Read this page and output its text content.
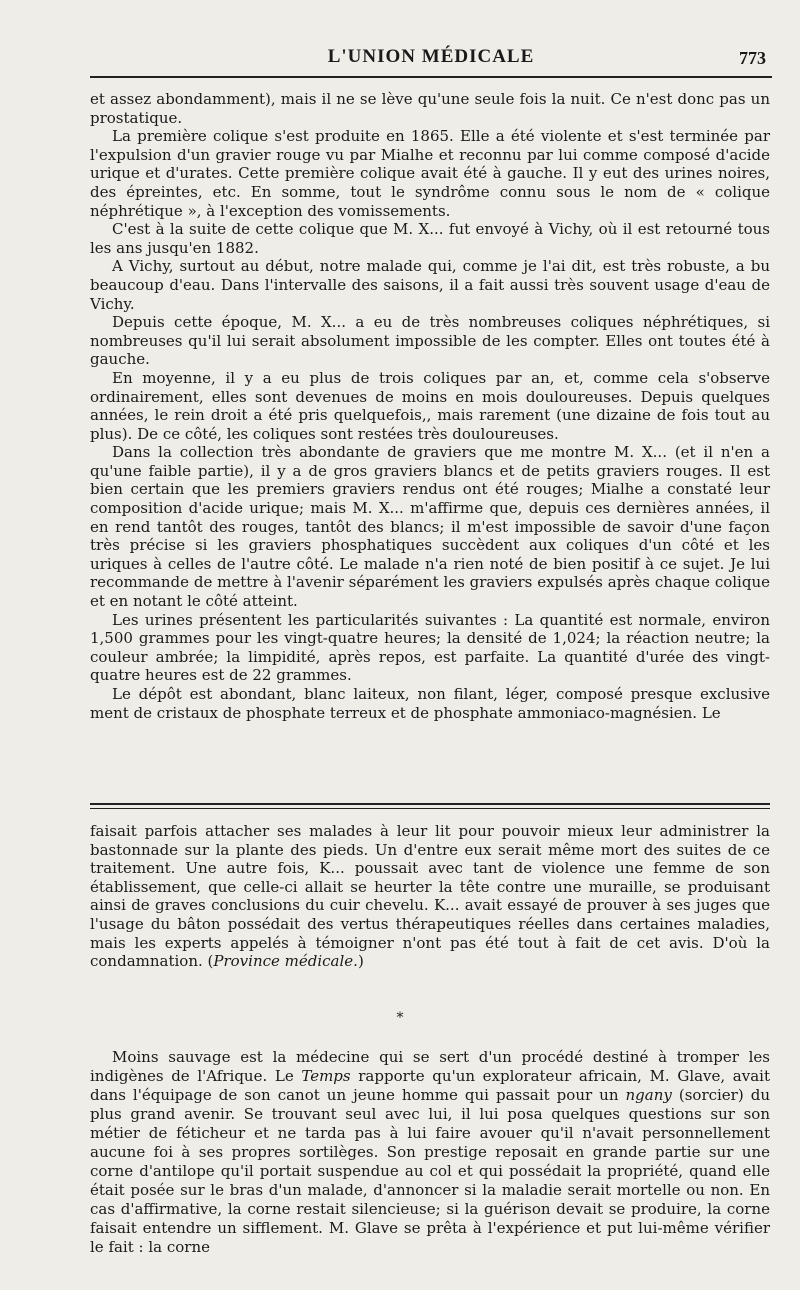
L'UNION MÉDICALE	773

et assez abondamment), mais il ne se lève qu'une seule fois la nuit. Ce n'est donc pas un prostatique.

La première colique s'est produite en 1865. Elle a été violente et s'est terminée par l'expulsion d'un gravier rouge vu par Mialhe et reconnu par lui comme composé d'acide urique et d'urates. Cette première colique avait été à gauche. Il y eut des urines noires, des épreintes, etc. En somme, tout le syndrôme connu sous le nom de « colique néphrétique », à l'exception des vomissements.

C'est à la suite de cette colique que M. X... fut envoyé à Vichy, où il est retourné tous les ans jusqu'en 1882.

A Vichy, surtout au début, notre malade qui, comme je l'ai dit, est très robuste, a bu beaucoup d'eau. Dans l'intervalle des saisons, il a fait aussi très souvent usage d'eau de Vichy.

Depuis cette époque, M. X... a eu de très nombreuses coliques néphrétiques, si nombreuses qu'il lui serait absolument impossible de les compter. Elles ont toutes été à gauche.

En moyenne, il y a eu plus de trois coliques par an, et, comme cela s'observe ordinairement, elles sont devenues de moins en mois douloureuses. Depuis quelques années, le rein droit a été pris quelquefois,, mais rarement (une dizaine de fois tout au plus). De ce côté, les coliques sont restées très douloureuses.

Dans la collection très abondante de graviers que me montre M. X... (et il n'en a qu'une faible partie), il y a de gros graviers blancs et de petits graviers rouges. Il est bien certain que les premiers graviers rendus ont été rouges; Mialhe a constaté leur composition d'acide urique; mais M. X... m'affirme que, depuis ces dernières années, il en rend tantôt des rouges, tantôt des blancs; il m'est impossible de savoir d'une façon très précise si les graviers phosphatiques succèdent aux coliques d'un côté et les uriques à celles de l'autre côté. Le malade n'a rien noté de bien positif à ce sujet. Je lui recommande de mettre à l'avenir séparément les graviers expulsés après chaque colique et en notant le côté atteint.

Les urines présentent les particularités suivantes : La quantité est normale, environ 1,500 grammes pour les vingt-quatre heures; la densité de 1,024; la réaction neutre; la couleur ambrée; la limpidité, après repos, est parfaite. La quantité d'urée des vingt-quatre heures est de 22 grammes.

Le dépôt est abondant, blanc laiteux, non filant, léger, composé presque exclusive ment de cristaux de phosphate terreux et de phosphate ammoniaco-magnésien. Le

faisait parfois attacher ses malades à leur lit pour pouvoir mieux leur administrer la bastonnade sur la plante des pieds. Un d'entre eux serait même mort des suites de ce traitement. Une autre fois, K... poussait avec tant de violence une femme de son établissement, que celle-ci allait se heurter la tête contre une muraille, se produisant ainsi de graves conclusions du cuir chevelu. K... avait essayé de prouver à ses juges que l'usage du bâton possédait des vertus thérapeutiques réelles dans certaines maladies, mais les experts appelés à témoigner n'ont pas été tout à fait de cet avis. D'où la condamnation. (Province médicale.)

*

Moins sauvage est la médecine qui se sert d'un procédé destiné à tromper les indigènes de l'Afrique. Le Temps rapporte qu'un explorateur africain, M. Glave, avait dans l'équipage de son canot un jeune homme qui passait pour un ngany (sorcier) du plus grand avenir. Se trouvant seul avec lui, il lui posa quelques questions sur son métier de féticheur et ne tarda pas à lui faire avouer qu'il n'avait personnellement aucune foi à ses propres sortilèges. Son prestige reposait en grande partie sur une corne d'antilope qu'il portait suspendue au col et qui possédait la propriété, quand elle était posée sur le bras d'un malade, d'annoncer si la maladie serait mortelle ou non. En cas d'affirmative, la corne restait silencieuse; si la guérison devait se produire, la corne faisait entendre un sifflement. M. Glave se prêta à l'expérience et put lui-même vérifier le fait : la corne
